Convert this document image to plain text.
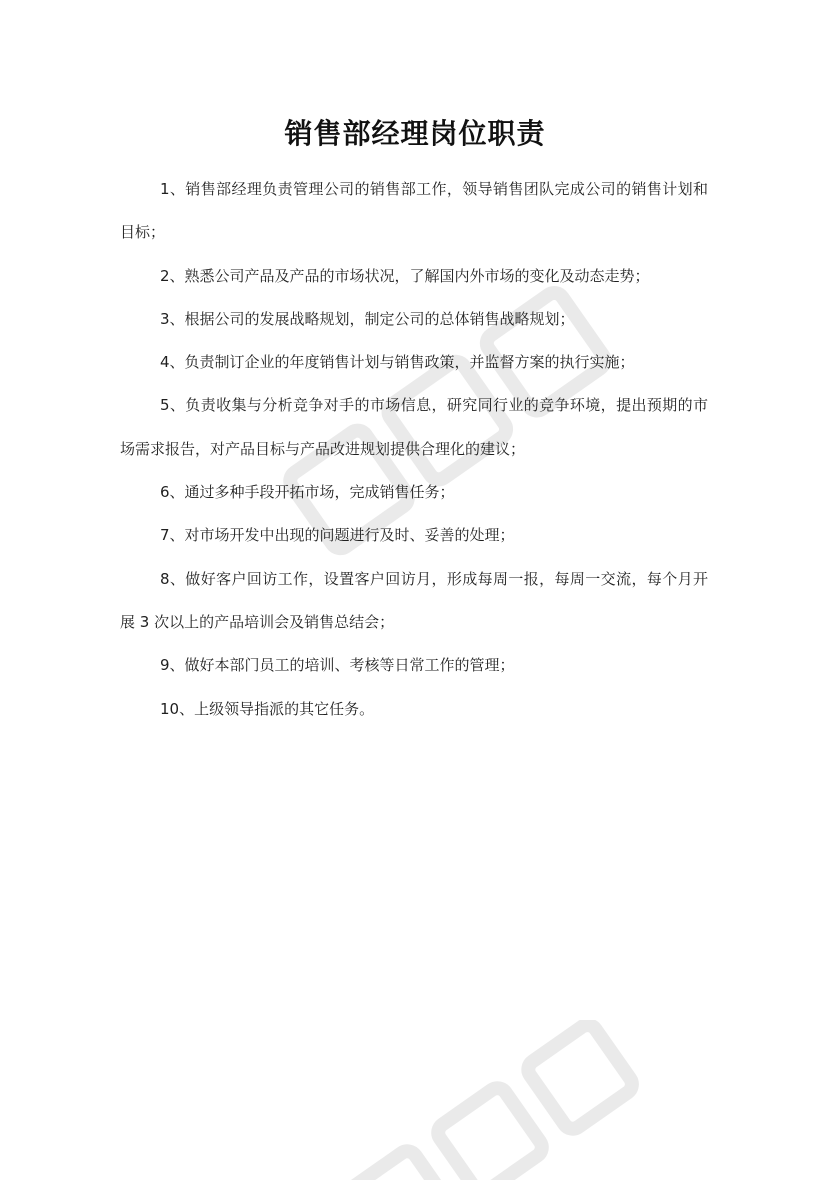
销售部经理岗位职责

1、销售部经理负责管理公司的销售部工作，领导销售团队完成公司的销售计划和目标；

2、熟悉公司产品及产品的市场状况，了解国内外市场的变化及动态走势；

3、根据公司的发展战略规划，制定公司的总体销售战略规划；

4、负责制订企业的年度销售计划与销售政策，并监督方案的执行实施；

5、负责收集与分析竞争对手的市场信息，研究同行业的竞争环境，提出预期的市场需求报告，对产品目标与产品改进规划提供合理化的建议；

6、通过多种手段开拓市场，完成销售任务；

7、对市场开发中出现的问题进行及时、妥善的处理；

8、做好客户回访工作，设置客户回访月，形成每周一报，每周一交流，每个月开展 3 次以上的产品培训会及销售总结会；

9、做好本部门员工的培训、考核等日常工作的管理；

10、上级领导指派的其它任务。
